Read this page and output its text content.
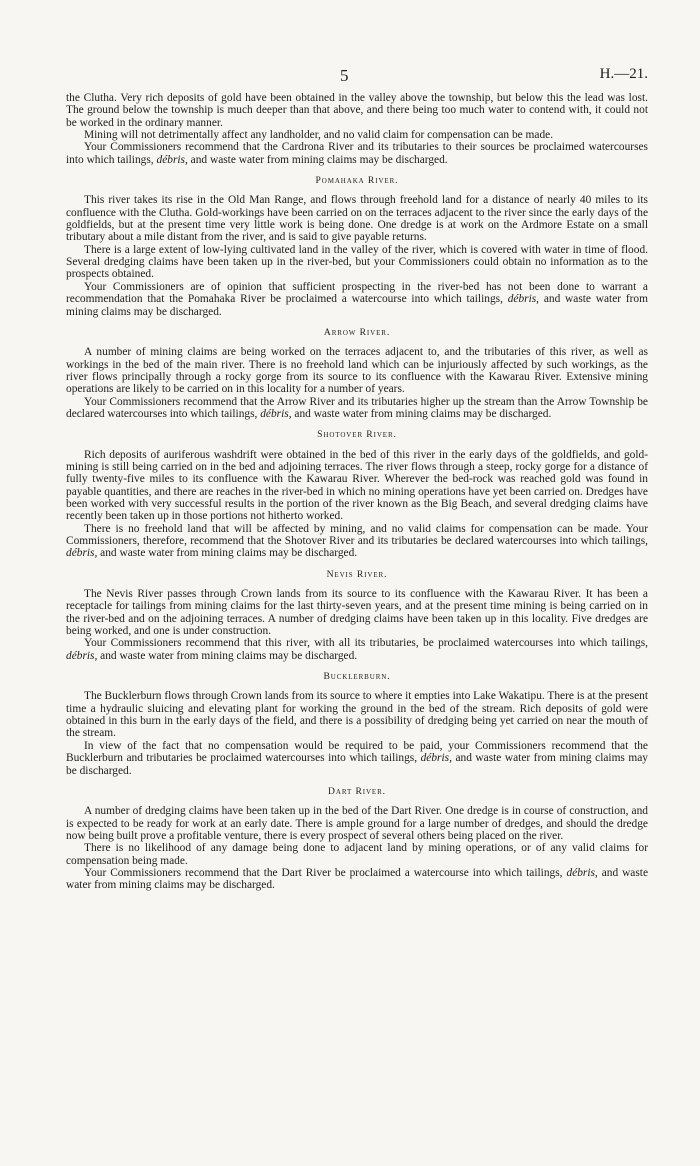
5	H.—21.

the Clutha. Very rich deposits of gold have been obtained in the valley above the township, but below this the lead was lost. The ground below the township is much deeper than that above, and there being too much water to contend with, it could not be worked in the ordinary manner.

Mining will not detrimentally affect any landholder, and no valid claim for compensation can be made.

Your Commissioners recommend that the Cardrona River and its tributaries to their sources be proclaimed watercourses into which tailings, débris, and waste water from mining claims may be discharged.

Pomahaka River.

This river takes its rise in the Old Man Range, and flows through freehold land for a distance of nearly 40 miles to its confluence with the Clutha. Gold-workings have been carried on on the terraces adjacent to the river since the early days of the goldfields, but at the present time very little work is being done. One dredge is at work on the Ardmore Estate on a small tributary about a mile distant from the river, and is said to give payable returns.

There is a large extent of low-lying cultivated land in the valley of the river, which is covered with water in time of flood. Several dredging claims have been taken up in the river-bed, but your Commissioners could obtain no information as to the prospects obtained.

Your Commissioners are of opinion that sufficient prospecting in the river-bed has not been done to warrant a recommendation that the Pomahaka River be proclaimed a watercourse into which tailings, débris, and waste water from mining claims may be discharged.

Arrow River.

A number of mining claims are being worked on the terraces adjacent to, and the tributaries of this river, as well as workings in the bed of the main river. There is no freehold land which can be injuriously affected by such workings, as the river flows principally through a rocky gorge from its source to its confluence with the Kawarau River. Extensive mining operations are likely to be carried on in this locality for a number of years.

Your Commissioners recommend that the Arrow River and its tributaries higher up the stream than the Arrow Township be declared watercourses into which tailings, débris, and waste water from mining claims may be discharged.

Shotover River.

Rich deposits of auriferous washdrift were obtained in the bed of this river in the early days of the goldfields, and gold-mining is still being carried on in the bed and adjoining terraces. The river flows through a steep, rocky gorge for a distance of fully twenty-five miles to its confluence with the Kawarau River. Wherever the bed-rock was reached gold was found in payable quantities, and there are reaches in the river-bed in which no mining operations have yet been carried on. Dredges have been worked with very successful results in the portion of the river known as the Big Beach, and several dredging claims have recently been taken up in those portions not hitherto worked.

There is no freehold land that will be affected by mining, and no valid claims for compensation can be made. Your Commissioners, therefore, recommend that the Shotover River and its tributaries be declared watercourses into which tailings, débris, and waste water from mining claims may be discharged.

Nevis River.

The Nevis River passes through Crown lands from its source to its confluence with the Kawarau River. It has been a receptacle for tailings from mining claims for the last thirty-seven years, and at the present time mining is being carried on in the river-bed and on the adjoining terraces. A number of dredging claims have been taken up in this locality. Five dredges are being worked, and one is under construction.

Your Commissioners recommend that this river, with all its tributaries, be proclaimed watercourses into which tailings, débris, and waste water from mining claims may be discharged.

Bucklerburn.

The Bucklerburn flows through Crown lands from its source to where it empties into Lake Wakatipu. There is at the present time a hydraulic sluicing and elevating plant for working the ground in the bed of the stream. Rich deposits of gold were obtained in this burn in the early days of the field, and there is a possibility of dredging being yet carried on near the mouth of the stream.

In view of the fact that no compensation would be required to be paid, your Commissioners recommend that the Bucklerburn and tributaries be proclaimed watercourses into which tailings, débris, and waste water from mining claims may be discharged.

Dart River.

A number of dredging claims have been taken up in the bed of the Dart River. One dredge is in course of construction, and is expected to be ready for work at an early date. There is ample ground for a large number of dredges, and should the dredge now being built prove a profitable venture, there is every prospect of several others being placed on the river.

There is no likelihood of any damage being done to adjacent land by mining operations, or of any valid claims for compensation being made.

Your Commissioners recommend that the Dart River be proclaimed a watercourse into which tailings, débris, and waste water from mining claims may be discharged.
